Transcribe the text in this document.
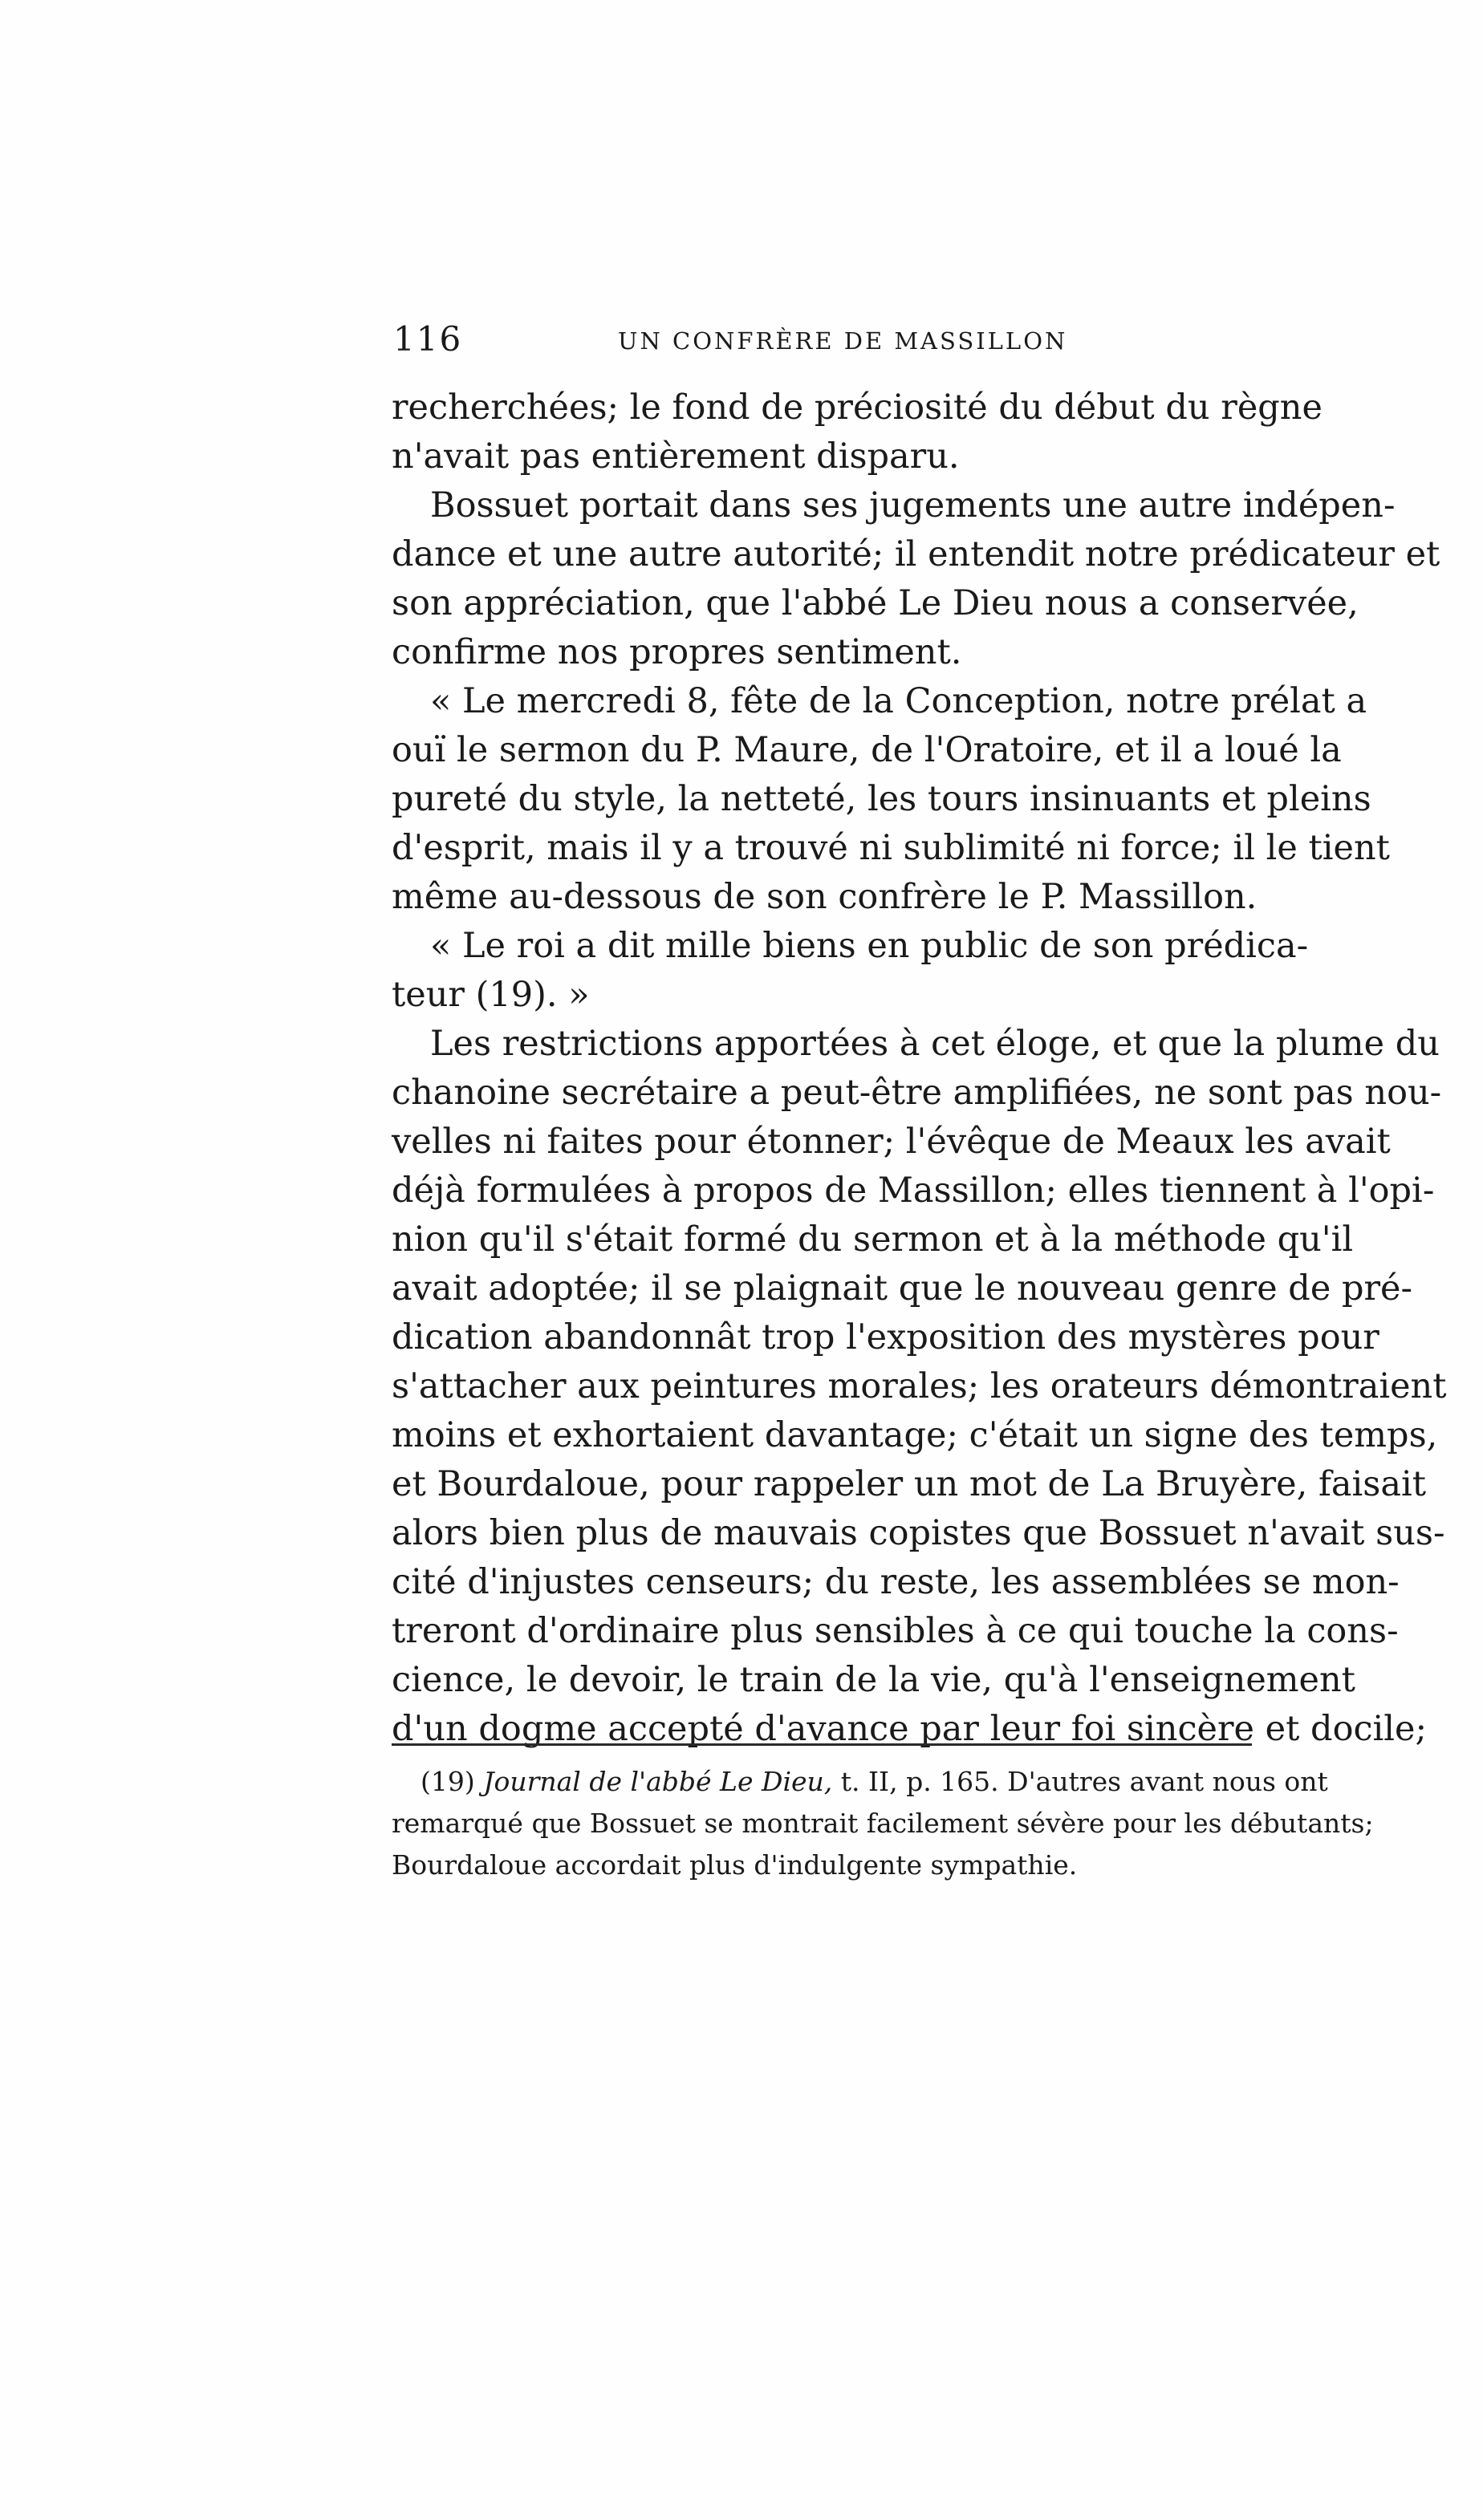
116	UN CONFRÈRE DE MASSILLON
recherchées; le fond de préciosité du début du règne
n'avait pas entièrement disparu.
Bossuet portait dans ses jugements une autre indépen-
dance et une autre autorité; il entendit notre prédicateur et
son appréciation, que l'abbé Le Dieu nous a conservée,
confirme nos propres sentiment.
« Le mercredi 8, fête de la Conception, notre prélat a
ouï le sermon du P. Maure, de l'Oratoire, et il a loué la
pureté du style, la netteté, les tours insinuants et pleins
d'esprit, mais il y a trouvé ni sublimité ni force; il le tient
même au-dessous de son confrère le P. Massillon.
« Le roi a dit mille biens en public de son prédica-
teur (19). »
Les restrictions apportées à cet éloge, et que la plume du
chanoine secrétaire a peut-être amplifiées, ne sont pas nou-
velles ni faites pour étonner; l'évêque de Meaux les avait
déjà formulées à propos de Massillon; elles tiennent à l'opi-
nion qu'il s'était formé du sermon et à la méthode qu'il
avait adoptée; il se plaignait que le nouveau genre de pré-
dication abandonnât trop l'exposition des mystères pour
s'attacher aux peintures morales; les orateurs démontraient
moins et exhortaient davantage; c'était un signe des temps,
et Bourdaloue, pour rappeler un mot de La Bruyère, faisait
alors bien plus de mauvais copistes que Bossuet n'avait sus-
cité d'injustes censeurs; du reste, les assemblées se mon-
treront d'ordinaire plus sensibles à ce qui touche la cons-
cience, le devoir, le train de la vie, qu'à l'enseignement
d'un dogme accepté d'avance par leur foi sincère et docile;
(19) Journal de l'abbé Le Dieu, t. II, p. 165. D'autres avant nous ont
remarqué que Bossuet se montrait facilement sévère pour les débutants;
Bourdaloue accordait plus d'indulgente sympathie.
